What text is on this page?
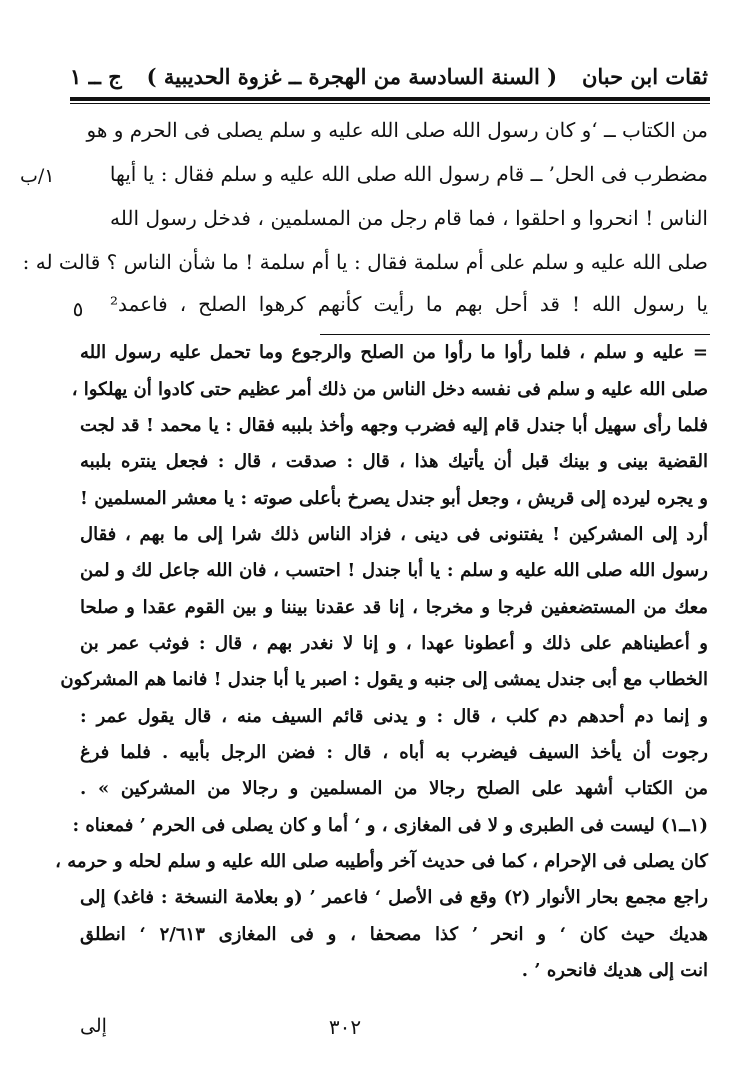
ثقات ابن حبان
( السنة السادسة من الهجرة ــ غزوة الحديبية )
ج ــ ١
١/ب
٥
من الكتاب ــ ‘و كان رسول الله صلى الله عليه و سلم يصلى فى الحرم و هو
مضطرب فى الحل’ ــ قام رسول الله صلى الله عليه و سلم فقال : يا أيها
الناس ! انحروا و احلقوا ، فما قام رجل من المسلمين ، فدخل رسول الله
صلى الله عليه و سلم على أم سلمة فقال : يا أم سلمة ! ما شأن الناس ؟ قالت له :
يا رسول الله ! قد أحل بهم ما رأيت كأنهم كرهوا الصلح ، فاعمد²
= عليه و سلم ، فلما رأوا ما رأوا من الصلح والرجوع وما تحمل عليه رسول الله
صلى الله عليه و سلم فى نفسه دخل الناس من ذلك أمر عظيم حتى كادوا أن يهلكوا ،
فلما رأى سهيل أبا جندل قام إليه فضرب وجهه وأخذ بلببه فقال : يا محمد ! قد لجت
القضية بينى و بينك قبل أن يأتيك هذا ، قال : صدقت ، قال : فجعل ينتره بلببه
و يجره ليرده إلى قريش ، وجعل أبو جندل يصرخ بأعلى صوته : يا معشر المسلمين !
أرد إلى المشركين ! يفتنونى فى دينى ، فزاد الناس ذلك شرا إلى ما بهم ، فقال
رسول الله صلى الله عليه و سلم : يا أبا جندل ! احتسب ، فان الله جاعل لك و لمن
معك من المستضعفين فرجا و مخرجا ، إنا قد عقدنا بيننا و بين القوم عقدا و صلحا
و أعطيناهم على ذلك و أعطونا عهدا ، و إنا لا نغدر بهم ، قال : فوثب عمر بن
الخطاب مع أبى جندل يمشى إلى جنبه و يقول : اصبر يا أبا جندل ! فانما هم المشركون
و إنما دم أحدهم دم كلب ، قال : و يدنى قائم السيف منه ، قال يقول عمر :
رجوت أن يأخذ السيف فيضرب به أباه ، قال : فضن الرجل بأبيه . فلما فرغ
من الكتاب أشهد على الصلح رجالا من المسلمين و رجالا من المشركين » .
(١ــ١) ليست فى الطبرى و لا فى المغازى ، و ‘ أما و كان يصلى فى الحرم ’ فمعناه :
كان يصلى فى الإحرام ، كما فى حديث آخر وأطيبه صلى الله عليه و سلم لحله و حرمه ،
راجع مجمع بحار الأنوار (٢) وقع فى الأصل ‘ فاعمر ’ (و بعلامة النسخة : فاغد) إلى
هديك حيث كان ‘ و انحر ’ كذا مصحفا ، و فى المغازى ٢/٦١٣ ‘ انطلق
انت إلى هديك فانحره ’ .
٣٠٢
إلى
